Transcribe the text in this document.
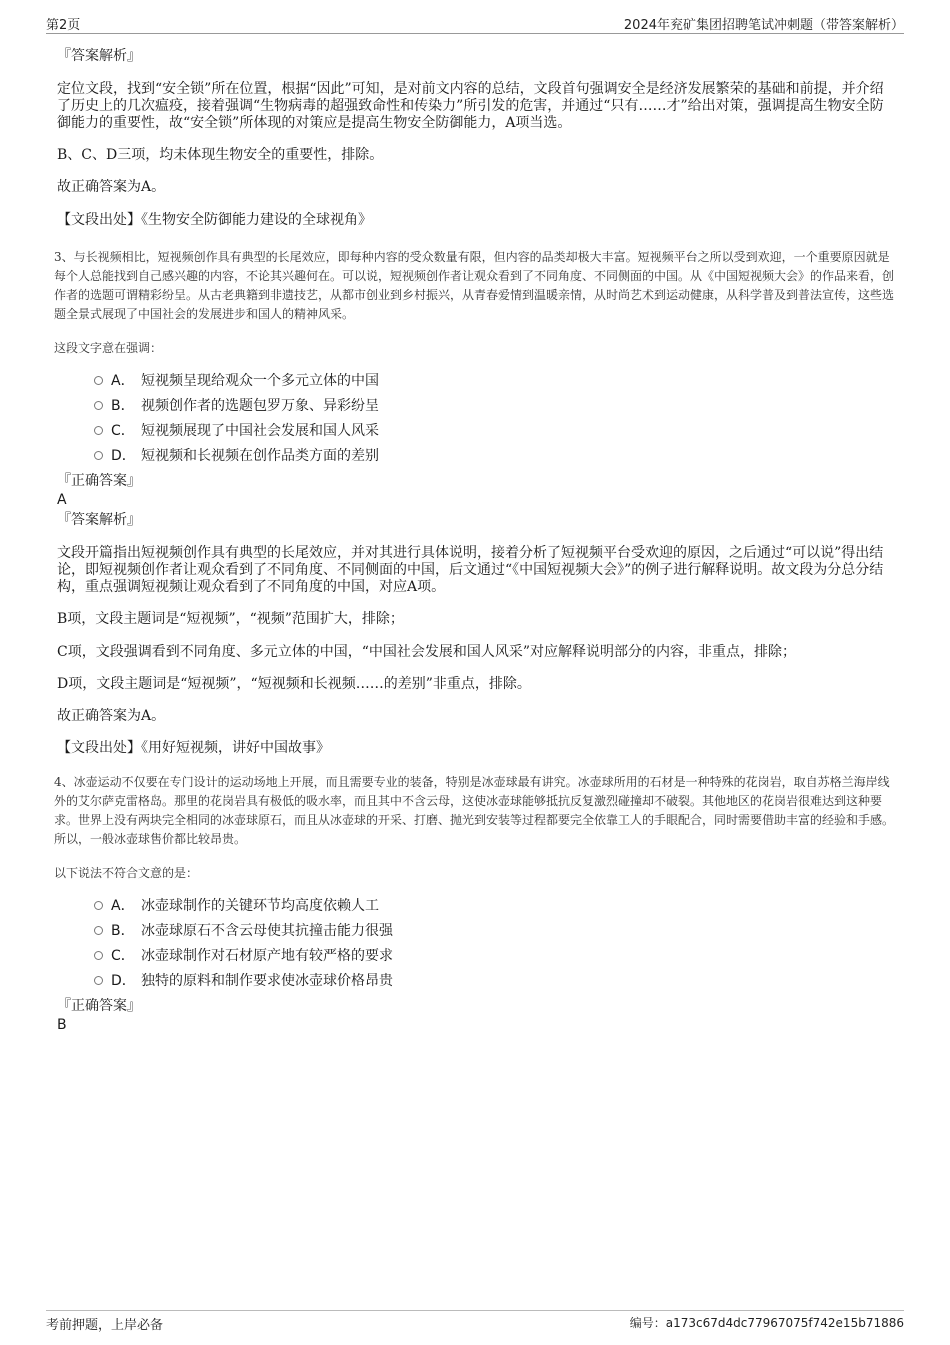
第2页	2024年兖矿集团招聘笔试冲刺题（带答案解析）
『答案解析』
定位文段，找到“安全锁”所在位置，根据“因此”可知，是对前文内容的总结，文段首句强调安全是经济发展繁荣的基础和前提，并介绍了历史上的几次瘟疫，接着强调“生物病毒的超强致命性和传染力”所引发的危害，并通过“只有……才”给出对策，强调提高生物安全防御能力的重要性，故“安全锁”所体现的对策应是提高生物安全防御能力，A项当选。
B、C、D三项，均未体现生物安全的重要性，排除。
故正确答案为A。
【文段出处】《生物安全防御能力建设的全球视角》
3、与长视频相比，短视频创作具有典型的长尾效应，即每种内容的受众数量有限，但内容的品类却极大丰富。短视频平台之所以受到欢迎，一个重要原因就是每个人总能找到自己感兴趣的内容，不论其兴趣何在。可以说，短视频创作者让观众看到了不同角度、不同侧面的中国。从《中国短视频大会》的作品来看，创作者的选题可谓精彩纷呈。从古老典籍到非遗技艺，从都市创业到乡村振兴，从青春爱情到温暖亲情，从时尚艺术到运动健康，从科学普及到普法宣传，这些选题全景式展现了中国社会的发展进步和国人的精神风采。
这段文字意在强调：
A． 短视频呈现给观众一个多元立体的中国
B． 视频创作者的选题包罗万象、异彩纷呈
C． 短视频展现了中国社会发展和国人风采
D． 短视频和长视频在创作品类方面的差别
『正确答案』
A
『答案解析』
文段开篇指出短视频创作具有典型的长尾效应，并对其进行具体说明，接着分析了短视频平台受欢迎的原因，之后通过“可以说”得出结论，即短视频创作者让观众看到了不同角度、不同侧面的中国，后文通过“《中国短视频大会》”的例子进行解释说明。故文段为分总分结构，重点强调短视频让观众看到了不同角度的中国，对应A项。
B项，文段主题词是“短视频”，“视频”范围扩大，排除；
C项，文段强调看到不同角度、多元立体的中国，“中国社会发展和国人风采”对应解释说明部分的内容，非重点，排除；
D项，文段主题词是“短视频”，“短视频和长视频……的差别”非重点，排除。
故正确答案为A。
【文段出处】《用好短视频，讲好中国故事》
4、冰壶运动不仅要在专门设计的运动场地上开展，而且需要专业的装备，特别是冰壶球最有讲究。冰壶球所用的石材是一种特殊的花岗岩，取自苏格兰海岸线外的艾尔萨克雷格岛。那里的花岗岩具有极低的吸水率，而且其中不含云母，这使冰壶球能够抵抗反复激烈碰撞却不破裂。其他地区的花岗岩很难达到这种要求。世界上没有两块完全相同的冰壶球原石，而且从冰壶球的开采、打磨、抛光到安装等过程都要完全依靠工人的手眼配合，同时需要借助丰富的经验和手感。所以，一般冰壶球售价都比较昂贵。
以下说法不符合文意的是：
A． 冰壶球制作的关键环节均高度依赖人工
B． 冰壶球原石不含云母使其抗撞击能力很强
C． 冰壶球制作对石材原产地有较严格的要求
D． 独特的原料和制作要求使冰壶球价格昂贵
『正确答案』
B
考前押题，上岸必备	编号：a173c67d4dc77967075f742e15b71886
